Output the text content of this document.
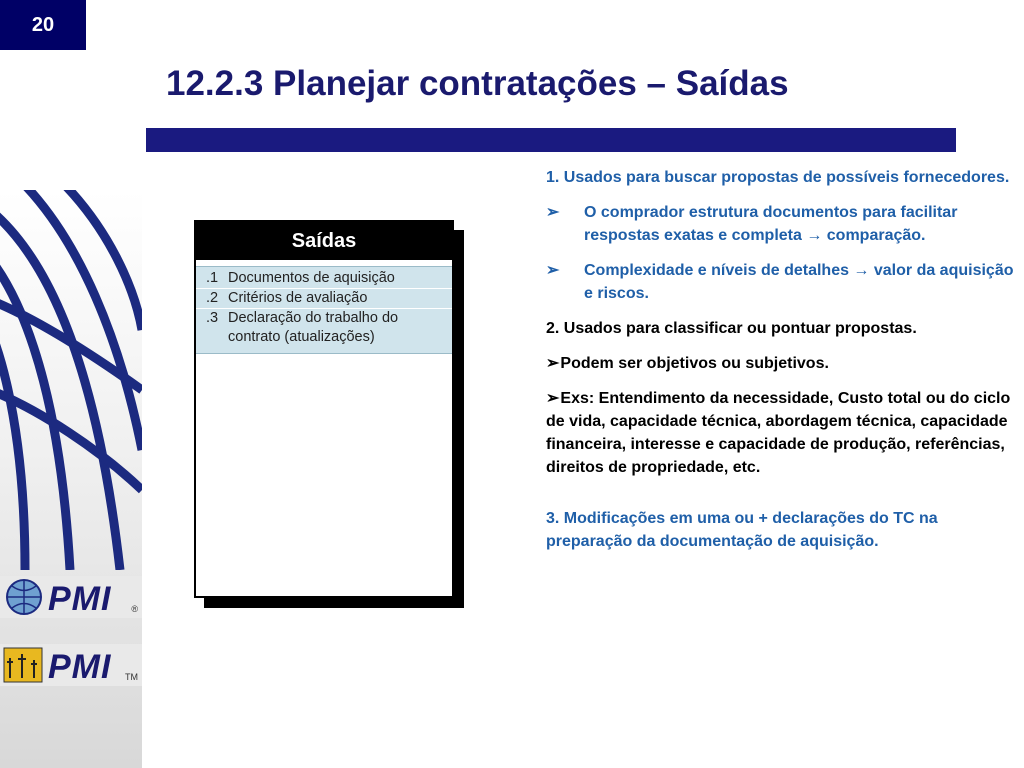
20
12.2.3 Planejar contratações – Saídas
PMI ®
PMI TM
Saídas
.1 Documentos de aquisição
.2 Critérios de avaliação
.3 Declaração do trabalho do contrato (atualizações)
1. Usados para buscar propostas de possíveis fornecedores.
➢	O comprador estrutura documentos para facilitar respostas exatas e completa → comparação.
➢	Complexidade e níveis de detalhes → valor da aquisição e riscos.
2. Usados para classificar ou pontuar propostas.
➢Podem ser objetivos ou subjetivos.
➢Exs: Entendimento da necessidade, Custo total ou do ciclo de vida, capacidade técnica, abordagem técnica, capacidade financeira, interesse e capacidade de produção, referências, direitos de propriedade, etc.
3. Modificações em uma ou + declarações do TC na preparação da documentação de aquisição.
